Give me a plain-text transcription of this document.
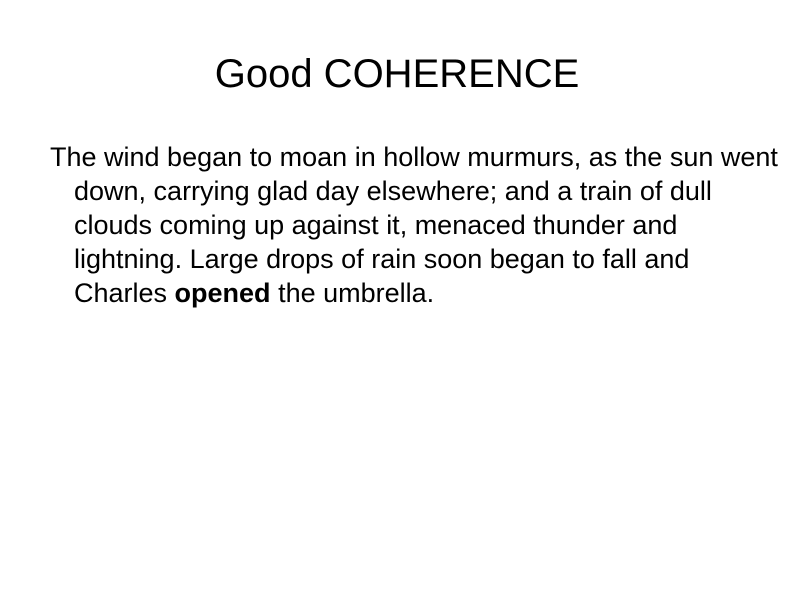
Good COHERENCE

The wind began to moan in hollow murmurs, as the sun went down, carrying glad day elsewhere; and a train of dull clouds coming up against it, menaced thunder and lightning. Large drops of rain soon began to fall and Charles opened the umbrella.
